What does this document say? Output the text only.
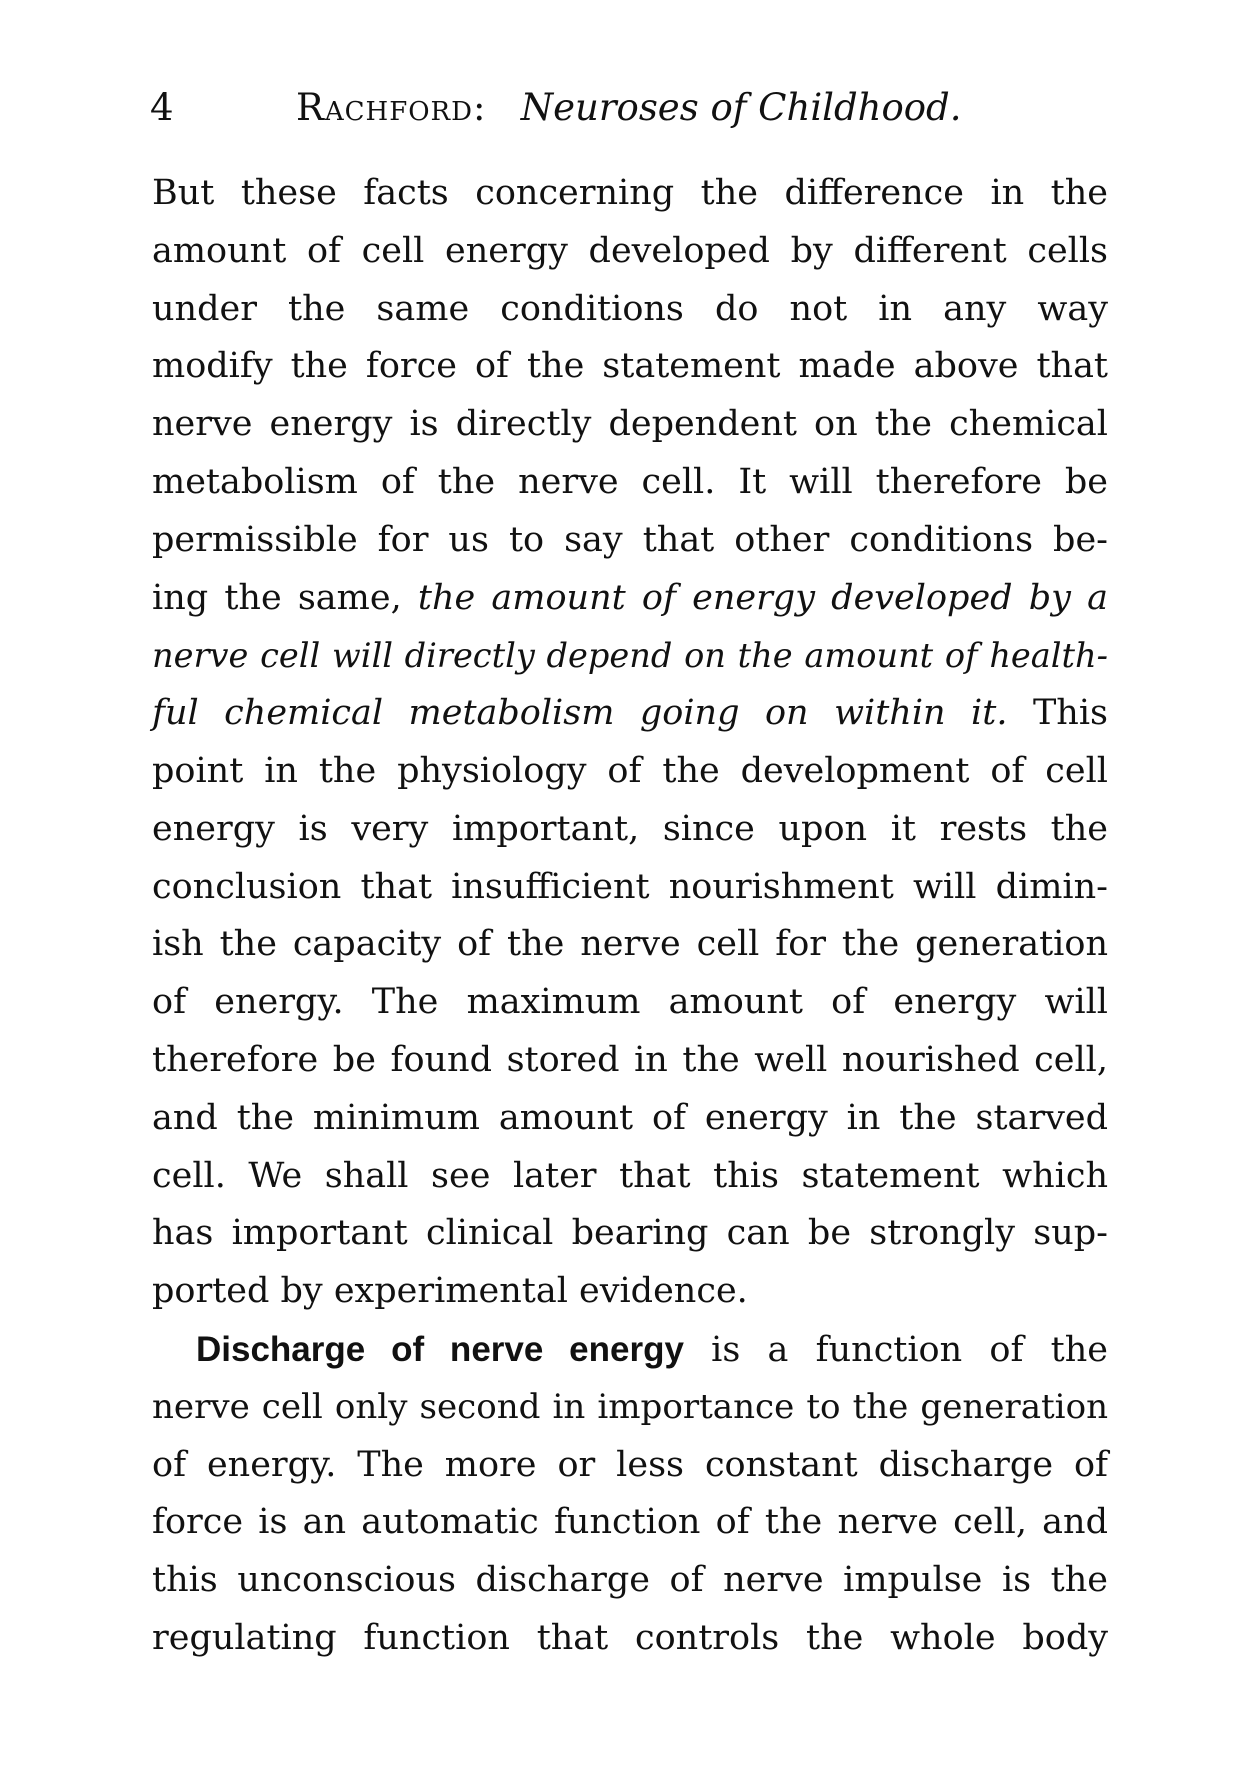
4	Rachford: Neuroses of Childhood.
But these facts concerning the difference in the
amount of cell energy developed by different cells
under the same conditions do not in any way
modify the force of the statement made above that
nerve energy is directly dependent on the chemical
metabolism of the nerve cell. It will therefore be
permissible for us to say that other conditions be-
ing the same, the amount of energy developed by a
nerve cell will directly depend on the amount of health-
ful chemical metabolism going on within it. This
point in the physiology of the development of cell
energy is very important, since upon it rests the
conclusion that insufficient nourishment will dimin-
ish the capacity of the nerve cell for the generation
of energy. The maximum amount of energy will
therefore be found stored in the well nourished cell,
and the minimum amount of energy in the starved
cell. We shall see later that this statement which
has important clinical bearing can be strongly sup-
ported by experimental evidence.
Discharge of nerve energy is a function of the
nerve cell only second in importance to the generation
of energy. The more or less constant discharge of
force is an automatic function of the nerve cell, and
this unconscious discharge of nerve impulse is the
regulating function that controls the whole body
